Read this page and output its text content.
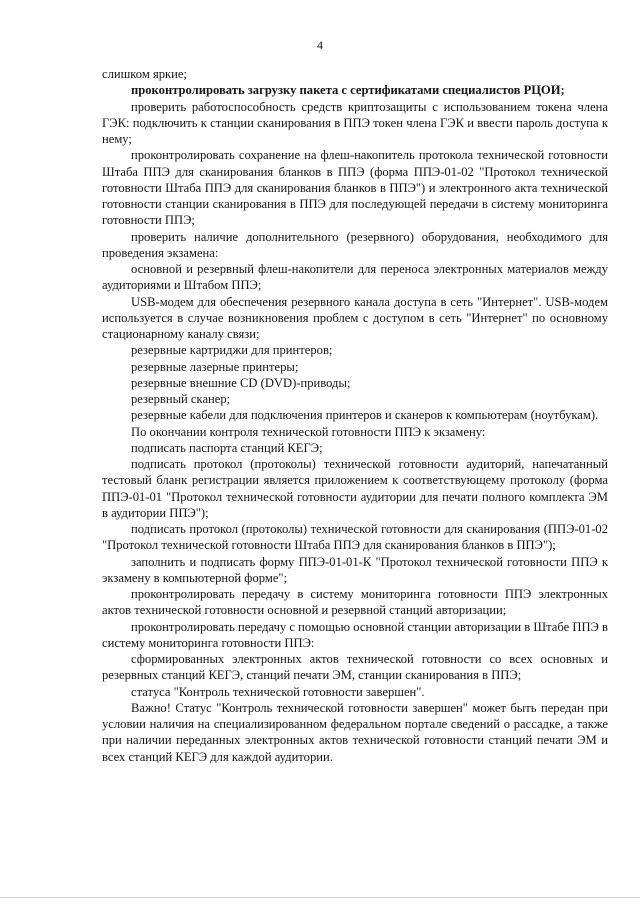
4

слишком яркие;

проконтролировать загрузку пакета с сертификатами специалистов РЦОИ;

проверить работоспособность средств криптозащиты с использованием токена члена ГЭК: подключить к станции сканирования в ППЭ токен члена ГЭК и ввести пароль доступа к нему;

проконтролировать сохранение на флеш-накопитель протокола технической готовности Штаба ППЭ для сканирования бланков в ППЭ (форма ППЭ-01-02 "Протокол технической готовности Штаба ППЭ для сканирования бланков в ППЭ") и электронного акта технической готовности станции сканирования в ППЭ для последующей передачи в систему мониторинга готовности ППЭ;

проверить наличие дополнительного (резервного) оборудования, необходимого для проведения экзамена:

основной и резервный флеш-накопители для переноса электронных материалов между аудиториями и Штабом ППЭ;

USB-модем для обеспечения резервного канала доступа в сеть "Интернет". USB-модем используется в случае возникновения проблем с доступом в сеть "Интернет" по основному стационарному каналу связи;

резервные картриджи для принтеров;

резервные лазерные принтеры;

резервные внешние CD (DVD)-приводы;

резервный сканер;

резервные кабели для подключения принтеров и сканеров к компьютерам (ноутбукам).

По окончании контроля технической готовности ППЭ к экзамену:

подписать паспорта станций КЕГЭ;

подписать протокол (протоколы) технической готовности аудиторий, напечатанный тестовый бланк регистрации является приложением к соответствующему протоколу (форма ППЭ-01-01 "Протокол технической готовности аудитории для печати полного комплекта ЭМ в аудитории ППЭ");

подписать протокол (протоколы) технической готовности для сканирования (ППЭ-01-02 "Протокол технической готовности Штаба ППЭ для сканирования бланков в ППЭ");

заполнить и подписать форму ППЭ-01-01-К "Протокол технической готовности ППЭ к экзамену в компьютерной форме";

проконтролировать передачу в систему мониторинга готовности ППЭ электронных актов технической готовности основной и резервной станций авторизации;

проконтролировать передачу с помощью основной станции авторизации в Штабе ППЭ в систему мониторинга готовности ППЭ:

сформированных электронных актов технической готовности со всех основных и резервных станций КЕГЭ, станций печати ЭМ, станции сканирования в ППЭ;

статуса "Контроль технической готовности завершен".

Важно! Статус "Контроль технической готовности завершен" может быть передан при условии наличия на специализированном федеральном портале сведений о рассадке, а также при наличии переданных электронных актов технической готовности станций печати ЭМ и всех станций КЕГЭ для каждой аудитории.
